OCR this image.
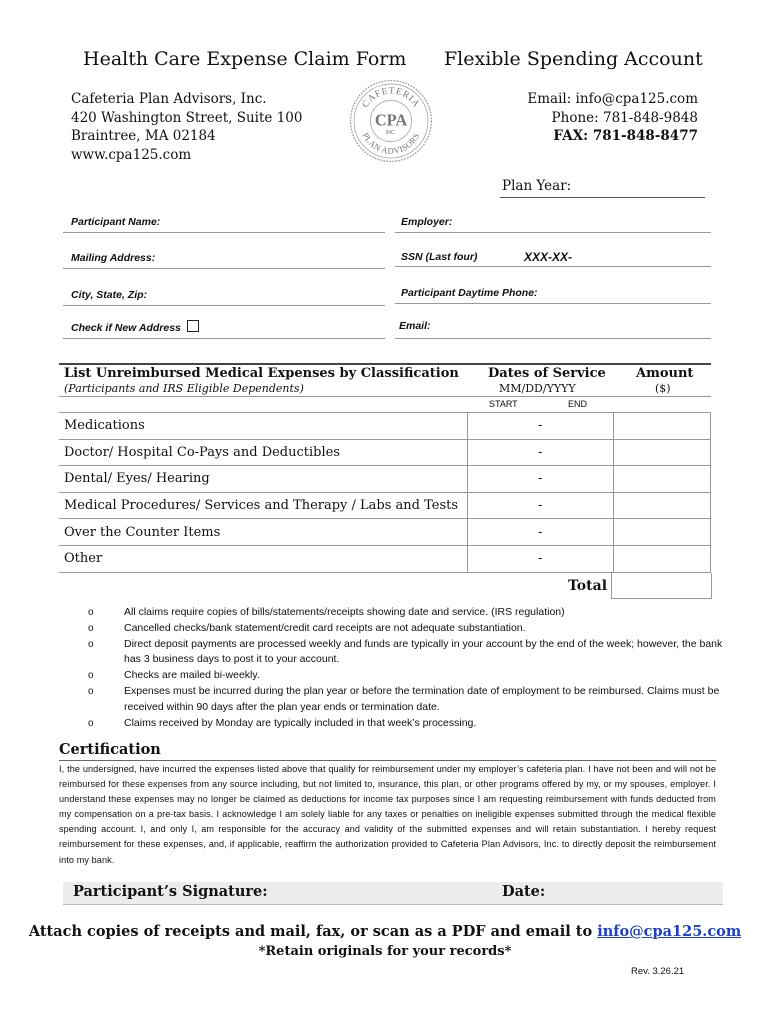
Health Care Expense Claim Form Flexible Spending Account
Cafeteria Plan Advisors, Inc.
420 Washington Street, Suite 100
Braintree, MA 02184
www.cpa125.com
Email: info@cpa125.com
Phone: 781-848-9848
FAX: 781-848-8477
CAFETERIA
PLAN ADVISORS
CPA
INC.
Plan Year:
Participant Name:	Employer:
Mailing Address:	SSN (Last four)	XXX-XX-
City, State, Zip:	Participant Daytime Phone:
Check if New Address	Email:
List Unreimbursed Medical Expenses by Classification
(Participants and IRS Eligible Dependents)
Dates of Service
MM/DD/YYYY
Amount
($)
START	END
Medications	-	
Doctor/ Hospital Co-Pays and Deductibles	-	
Dental/ Eyes/ Hearing	-	
Medical Procedures/ Services and Therapy / Labs and Tests	-	
Over the Counter Items	-	
Other	-	
Total
o	All claims require copies of bills/statements/receipts showing date and service. (IRS regulation)
o	Cancelled checks/bank statement/credit card receipts are not adequate substantiation.
o	Direct deposit payments are processed weekly and funds are typically in your account by the end of the week; however, the bank has 3 business days to post it to your account.
o	Checks are mailed bi-weekly.
o	Expenses must be incurred during the plan year or before the termination date of employment to be reimbursed. Claims must be received within 90 days after the plan year ends or termination date.
o	Claims received by Monday are typically included in that week’s processing.
Certification
I, the undersigned, have incurred the expenses listed above that qualify for reimbursement under my employer’s cafeteria plan. I have not been and will not be reimbursed for these expenses from any source including, but not limited to, insurance, this plan, or other programs offered by my, or my spouses, employer. I understand these expenses may no longer be claimed as deductions for income tax purposes since I am requesting reimbursement with funds deducted from my compensation on a pre-tax basis. I acknowledge I am solely liable for any taxes or penalties on ineligible expenses submitted through the medical flexible spending account. I, and only I, am responsible for the accuracy and validity of the submitted expenses and will retain substantiation. I hereby request reimbursement for these expenses, and, if applicable, reaffirm the authorization provided to Cafeteria Plan Advisors, Inc. to directly deposit the reimbursement into my bank.
Participant’s Signature:	Date:
Attach copies of receipts and mail, fax, or scan as a PDF and email to info@cpa125.com
*Retain originals for your records*
Rev. 3.26.21
